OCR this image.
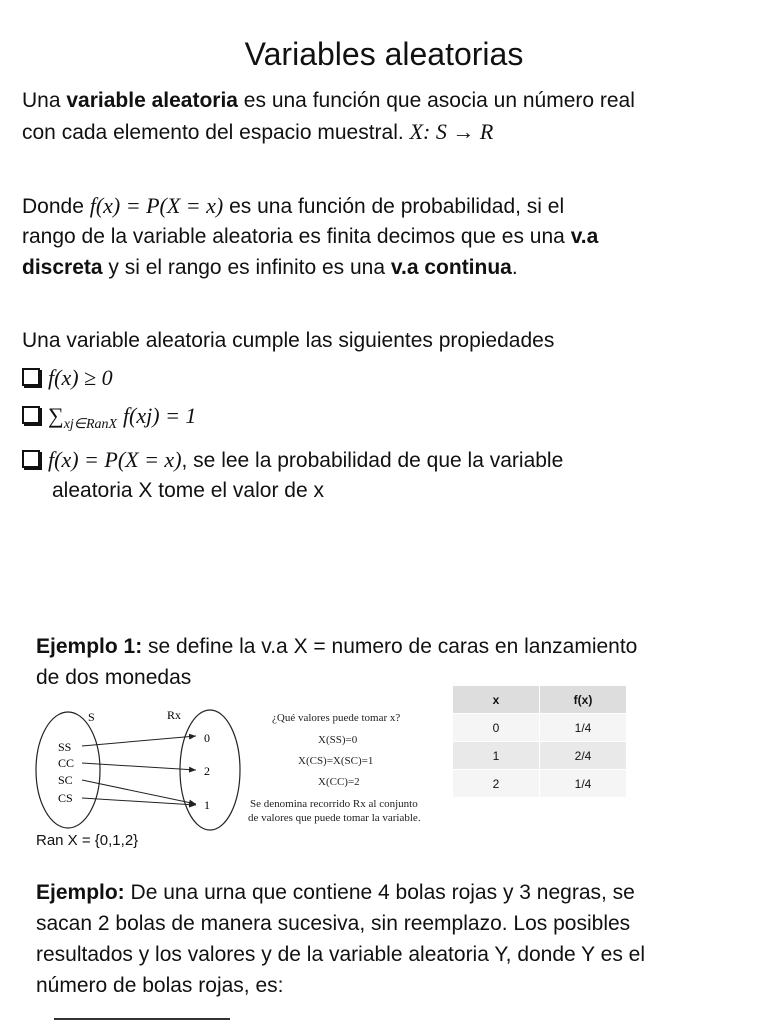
Variables aleatorias
Una variable aleatoria es una función que asocia un número real
con cada elemento del espacio muestral. X: S → R
Donde f(x) = P(X = x) es una función de probabilidad, si el
rango de la variable aleatoria es finita decimos que es una v.a
discreta y si el rango es infinito es una v.a continua.
Una variable aleatoria cumple las siguientes propiedades
f(x) ≥ 0
$\sum_{xj\in RanX}$ f(xj) = 1
f(x) = P(X = x), se lee la probabilidad de que la variable
aleatoria X tome el valor de x
Ejemplo 1: se define la v.a X = numero de caras en lanzamiento
de dos monedas
S	Rx
SS
CC
SC
CS
0
2
1
¿Qué valores puede tomar x?
X(SS)=0
X(CS)=X(SC)=1
X(CC)=2
Se denomina recorrido Rx al conjunto
de valores que puede tomar la variable.
Ran X = {0,1,2}
x	f(x)
0	1/4
1	2/4
2	1/4
Ejemplo: De una urna que contiene 4 bolas rojas y 3 negras, se
sacan 2 bolas de manera sucesiva, sin reemplazo. Los posibles
resultados y los valores y de la variable aleatoria Y, donde Y es el
número de bolas rojas, es:
